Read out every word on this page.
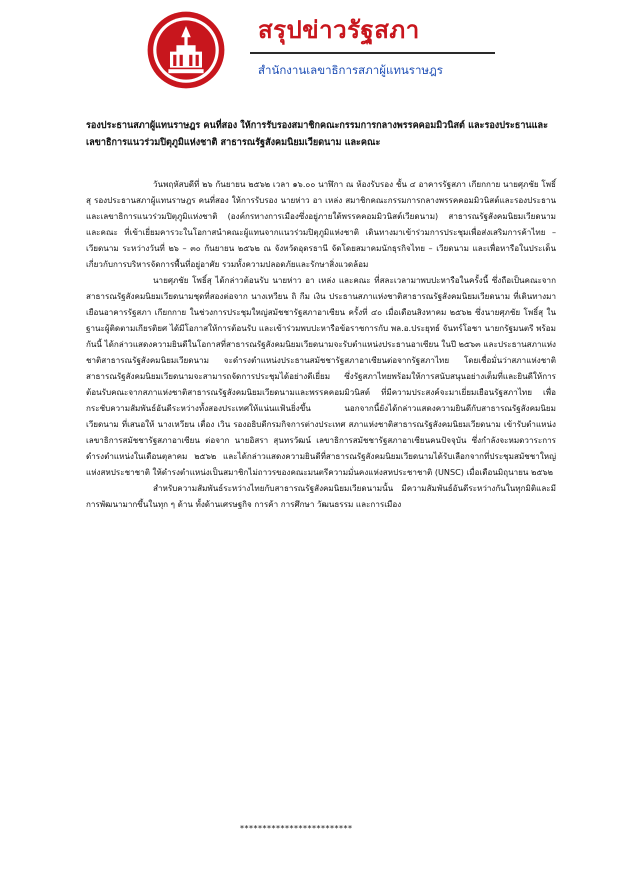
สรุปข่าวรัฐสภา
สำนักงานเลขาธิการสภาผู้แทนราษฎร

รองประธานสภาผู้แทนราษฎร คนที่สอง ให้การรับรองสมาชิกคณะกรรมการกลางพรรคคอมมิวนิสต์ และรองประธานและเลขาธิการแนวร่วมปิตุภูมิแห่งชาติ สาธารณรัฐสังคมนิยมเวียดนาม และคณะ

วันพฤหัสบดีที่ ๒๖ กันยายน ๒๕๖๒ เวลา ๑๖.๐๐ นาฬิกา ณ ห้องรับรอง ชั้น ๔ อาคารรัฐสภา เกียกกาย นายศุภชัย โพธิ์สุ รองประธานสภาผู้แทนราษฎร คนที่สอง ให้การรับรอง นายห่าว อา เหล่ง สมาชิกคณะกรรมการกลางพรรคคอมมิวนิสต์และรองประธานและเลขาธิการแนวร่วมปิตุภูมิแห่งชาติ (องค์กรทางการเมืองซึ่งอยู่ภายใต้พรรคคอมมิวนิสต์เวียดนาม) สาธารณรัฐสังคมนิยมเวียดนาม และคณะ ที่เข้าเยี่ยมคารวะในโอกาสนำคณะผู้แทนจากแนวร่วมปิตุภูมิแห่งชาติ เดินทางมาเข้าร่วมการประชุมเพื่อส่งเสริมการค้าไทย – เวียดนาม ระหว่างวันที่ ๒๖ – ๓๐ กันยายน ๒๕๖๒ ณ จังหวัดอุดรธานี จัดโดยสมาคมนักธุรกิจไทย – เวียดนาม และเพื่อหารือในประเด็นเกี่ยวกับการบริหารจัดการพื้นที่อยู่อาศัย รวมทั้งความปลอดภัยและรักษาสิ่งแวดล้อม

นายศุภชัย โพธิ์สุ ได้กล่าวต้อนรับ นายห่าว อา เหล่ง และคณะ ที่สละเวลามาพบปะหารือในครั้งนี้ ซึ่งถือเป็นคณะจากสาธารณรัฐสังคมนิยมเวียดนามชุดที่สองต่อจาก นางเหวียน ถิ กีม เงิน ประธานสภาแห่งชาติสาธารณรัฐสังคมนิยมเวียดนาม ที่เดินทางมาเยือนอาคารรัฐสภา เกียกกาย ในช่วงการประชุมใหญ่สมัชชารัฐสภาอาเซียน ครั้งที่ ๔๐ เมื่อเดือนสิงหาคม ๒๕๖๒ ซึ่งนายศุภชัย โพธิ์สุ ในฐานะผู้ติดตามเกียรติยศ ได้มีโอกาสให้การต้อนรับ และเข้าร่วมพบปะหารือข้อราชการกับ พล.อ.ประยุทธ์ จันทร์โอชา นายกรัฐมนตรี พร้อมกันนี้ ได้กล่าวแสดงความยินดีในโอกาสที่สาธารณรัฐสังคมนิยมเวียดนามจะรับตำแหน่งประธานอาเซียน ในปี ๒๕๖๓ และประธานสภาแห่งชาติสาธารณรัฐสังคมนิยมเวียดนาม จะดำรงตำแหน่งประธานสมัชชารัฐสภาอาเซียนต่อจากรัฐสภาไทย โดยเชื่อมั่นว่าสภาแห่งชาติสาธารณรัฐสังคมนิยมเวียดนามจะสามารถจัดการประชุมได้อย่างดีเยี่ยม ซึ่งรัฐสภาไทยพร้อมให้การสนับสนุนอย่างเต็มที่และยินดีให้การต้อนรับคณะจากสภาแห่งชาติสาธารณรัฐสังคมนิยมเวียดนามและพรรคคอมมิวนิสต์ ที่มีความประสงค์จะมาเยี่ยมเยือนรัฐสภาไทย เพื่อกระชับความสัมพันธ์อันดีระหว่างทั้งสองประเทศให้แน่นแฟ้นยิ่งขึ้น นอกจากนี้ยังได้กล่าวแสดงความยินดีกับสาธารณรัฐสังคมนิยมเวียดนาม ที่เสนอให้ นางเหวียน เตื่อง เวิน รองอธิบดีกรมกิจการต่างประเทศ สภาแห่งชาติสาธารณรัฐสังคมนิยมเวียดนาม เข้ารับตำแหน่งเลขาธิการสมัชชารัฐสภาอาเซียน ต่อจาก นายอิสรา สุนทรวัฒน์ เลขาธิการสมัชชารัฐสภาอาเซียนคนปัจจุบัน ซึ่งกำลังจะหมดวาระการดำรงตำแหน่งในเดือนตุลาคม ๒๕๖๒ และได้กล่าวแสดงความยินดีที่สาธารณรัฐสังคมนิยมเวียดนามได้รับเลือกจากที่ประชุมสมัชชาใหญ่แห่งสหประชาชาติ ให้ดำรงตำแหน่งเป็นสมาชิกไม่ถาวรของคณะมนตรีความมั่นคงแห่งสหประชาชาติ (UNSC) เมื่อเดือนมิถุนายน ๒๕๖๒

สำหรับความสัมพันธ์ระหว่างไทยกับสาธารณรัฐสังคมนิยมเวียดนามนั้น มีความสัมพันธ์อันดีระหว่างกันในทุกมิติและมีการพัฒนามากขึ้นในทุก ๆ ด้าน ทั้งด้านเศรษฐกิจ การค้า การศึกษา วัฒนธรรม และการเมือง

*************************
